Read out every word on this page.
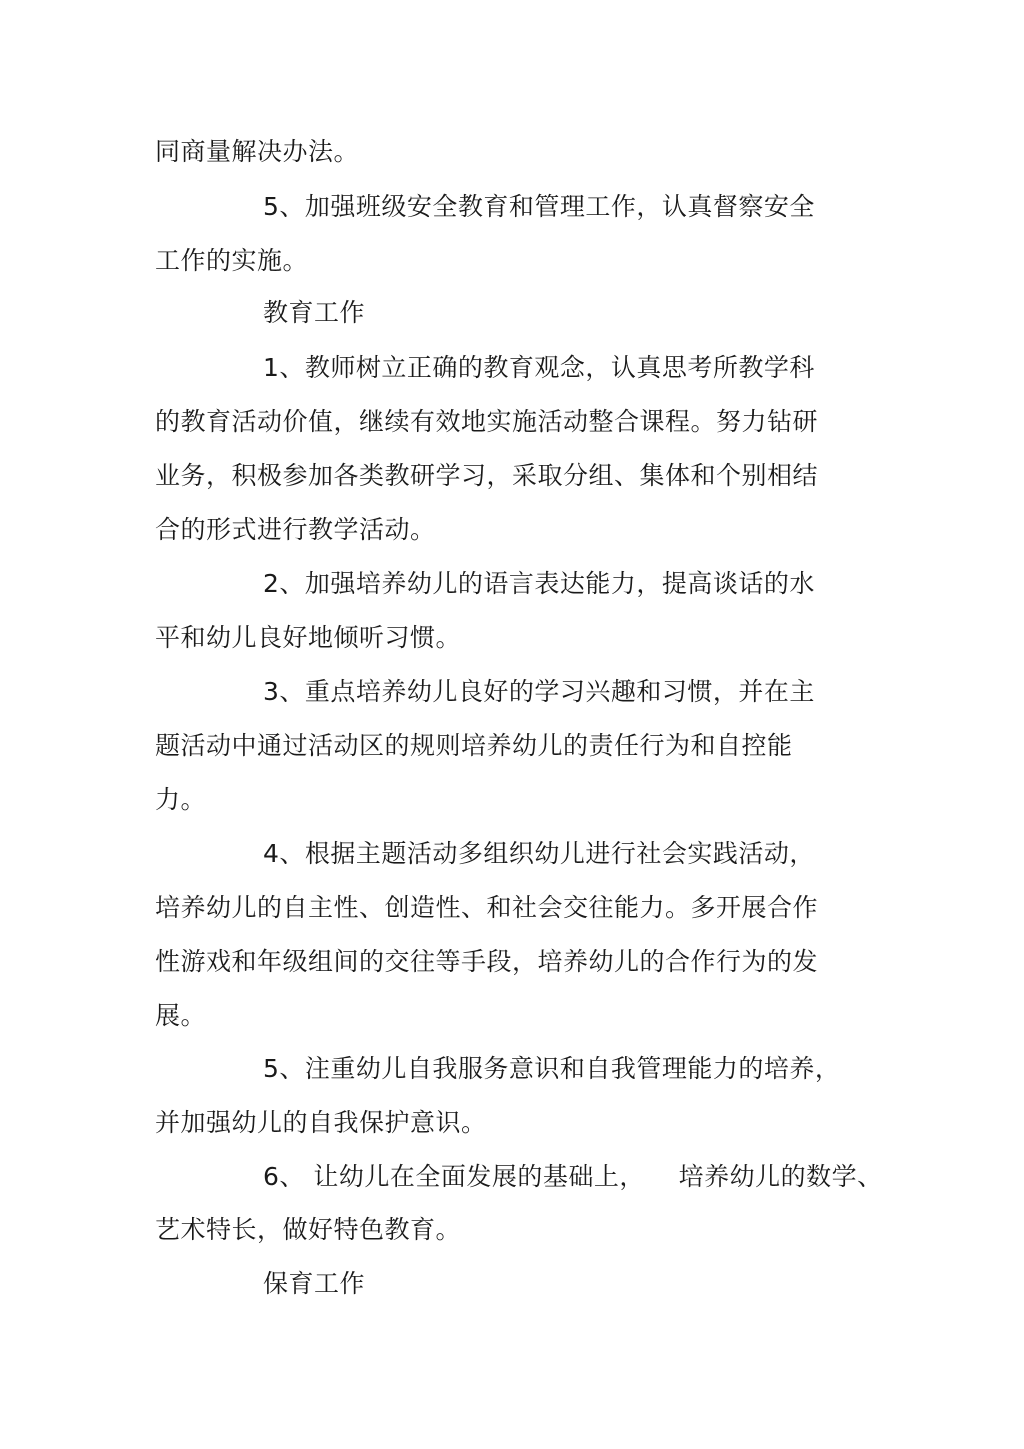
同商量解决办法。
5、加强班级安全教育和管理工作，认真督察安全
工作的实施。
教育工作
1、教师树立正确的教育观念，认真思考所教学科
的教育活动价值，继续有效地实施活动整合课程。努力钻研
业务，积极参加各类教研学习，采取分组、集体和个别相结
合的形式进行教学活动。
2、加强培养幼儿的语言表达能力，提高谈话的水
平和幼儿良好地倾听习惯。
3、重点培养幼儿良好的学习兴趣和习惯，并在主
题活动中通过活动区的规则培养幼儿的责任行为和自控能
力。
4、根据主题活动多组织幼儿进行社会实践活动，
培养幼儿的自主性、创造性、和社会交往能力。多开展合作
性游戏和年级组间的交往等手段，培养幼儿的合作行为的发
展。
5、注重幼儿自我服务意识和自我管理能力的培养，
并加强幼儿的自我保护意识。
6、 让幼儿在全面发展的基础上，    培养幼儿的数学、
艺术特长，做好特色教育。
保育工作
